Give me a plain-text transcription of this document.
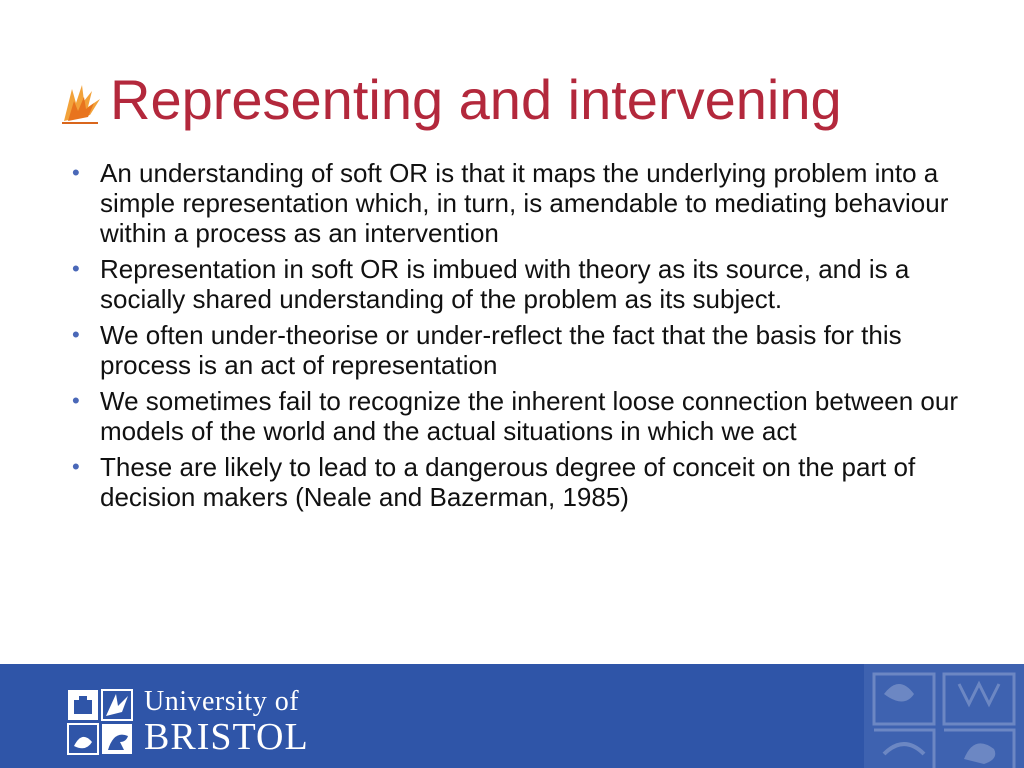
Representing and intervening
• An understanding of soft OR is that it maps the underlying problem into a simple representation which, in turn, is amendable to mediating behaviour within a process as an intervention
• Representation in soft OR is imbued with theory as its source, and is a socially shared understanding of the problem as its subject.
• We often under-theorise or under-reflect the fact that the basis for this process is an act of representation
• We sometimes fail to recognize the inherent loose connection between our models of the world and the actual situations in which we act
• These are likely to lead to a dangerous degree of conceit on the part of decision makers (Neale and Bazerman, 1985)
University of
BRISTOL
